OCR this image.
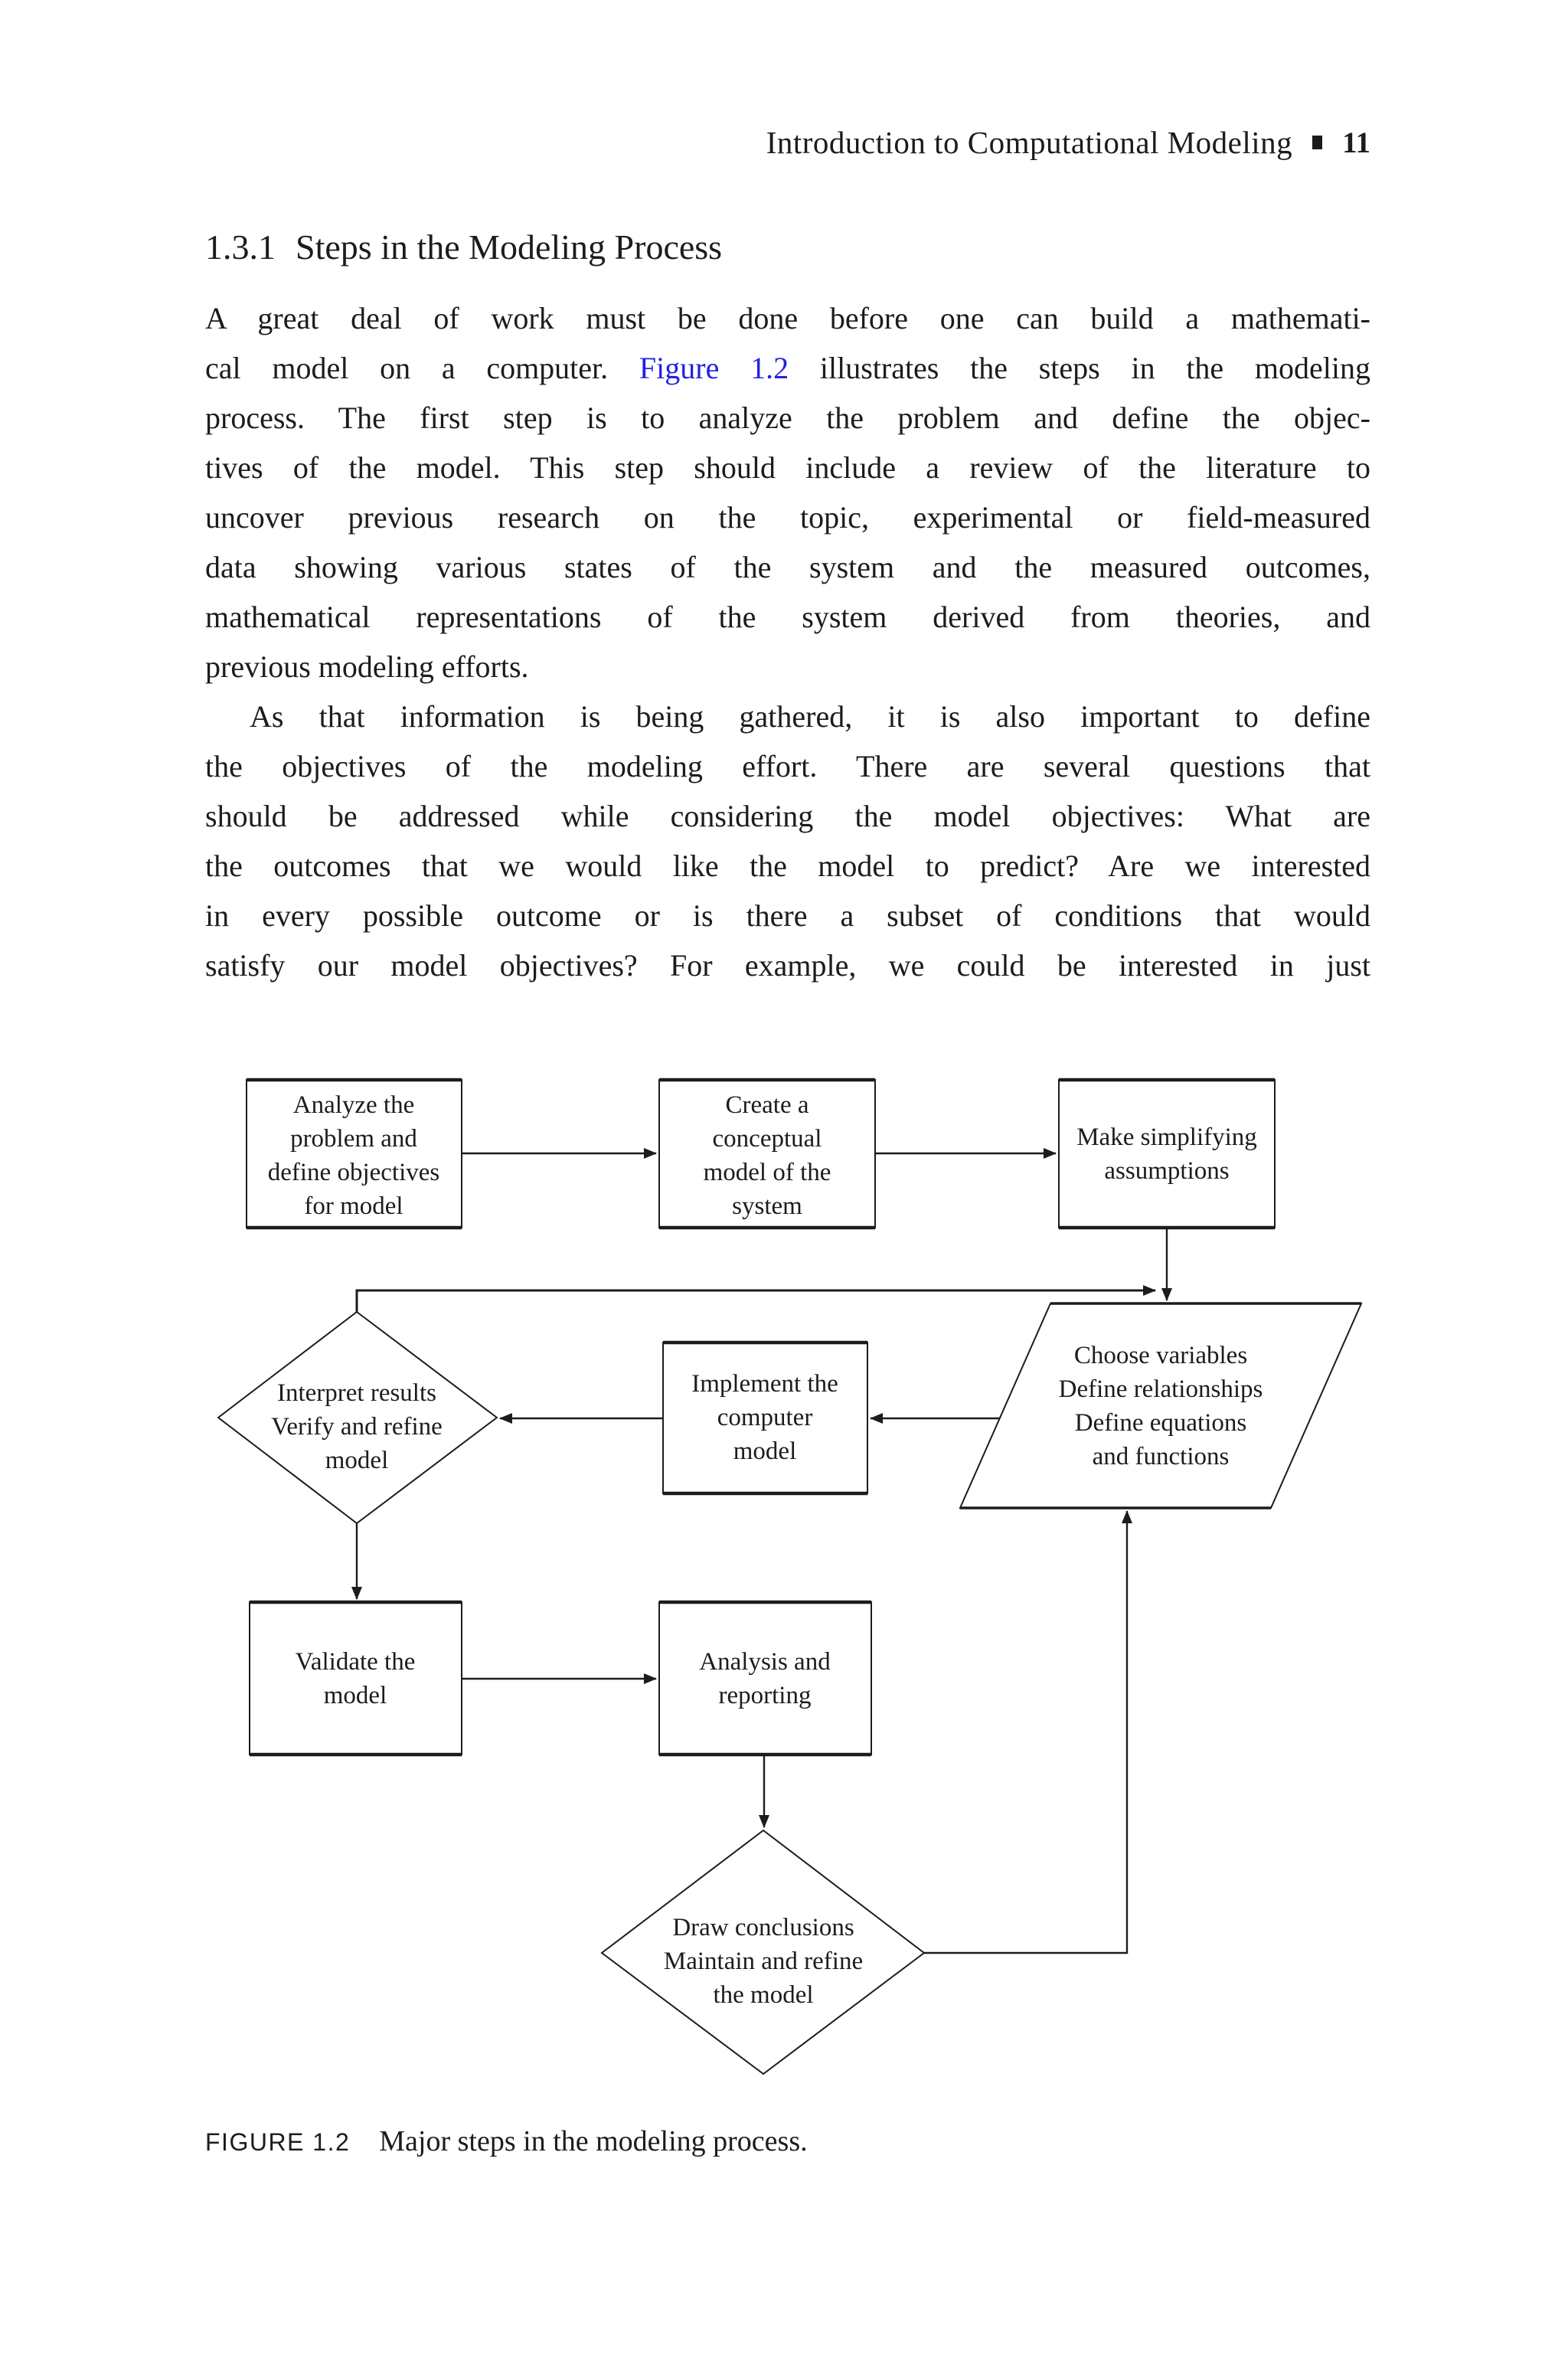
Introduction to Computational Modeling 11
1.3.1 Steps in the Modeling Process
A great deal of work must be done before one can build a mathemati-
cal model on a computer. Figure 1.2 illustrates the steps in the modeling
process. The first step is to analyze the problem and define the objec-
tives of the model. This step should include a review of the literature to
uncover previous research on the topic, experimental or field-measured
data showing various states of the system and the measured outcomes,
mathematical representations of the system derived from theories, and
previous modeling efforts.
As that information is being gathered, it is also important to define
the objectives of the modeling effort. There are several questions that
should be addressed while considering the model objectives: What are
the outcomes that we would like the model to predict? Are we interested
in every possible outcome or is there a subset of conditions that would
satisfy our model objectives? For example, we could be interested in just
Analyze the
problem and
define objectives
for model
Create a
conceptual
model of the
system
Make simplifying
assumptions
Choose variables
Define relationships
Define equations
and functions
Implement the
computer
model
Interpret results
Verify and refine
model
Validate the
model
Analysis and
reporting
Draw conclusions
Maintain and refine
the model
FIGURE 1.2 Major steps in the modeling process.
